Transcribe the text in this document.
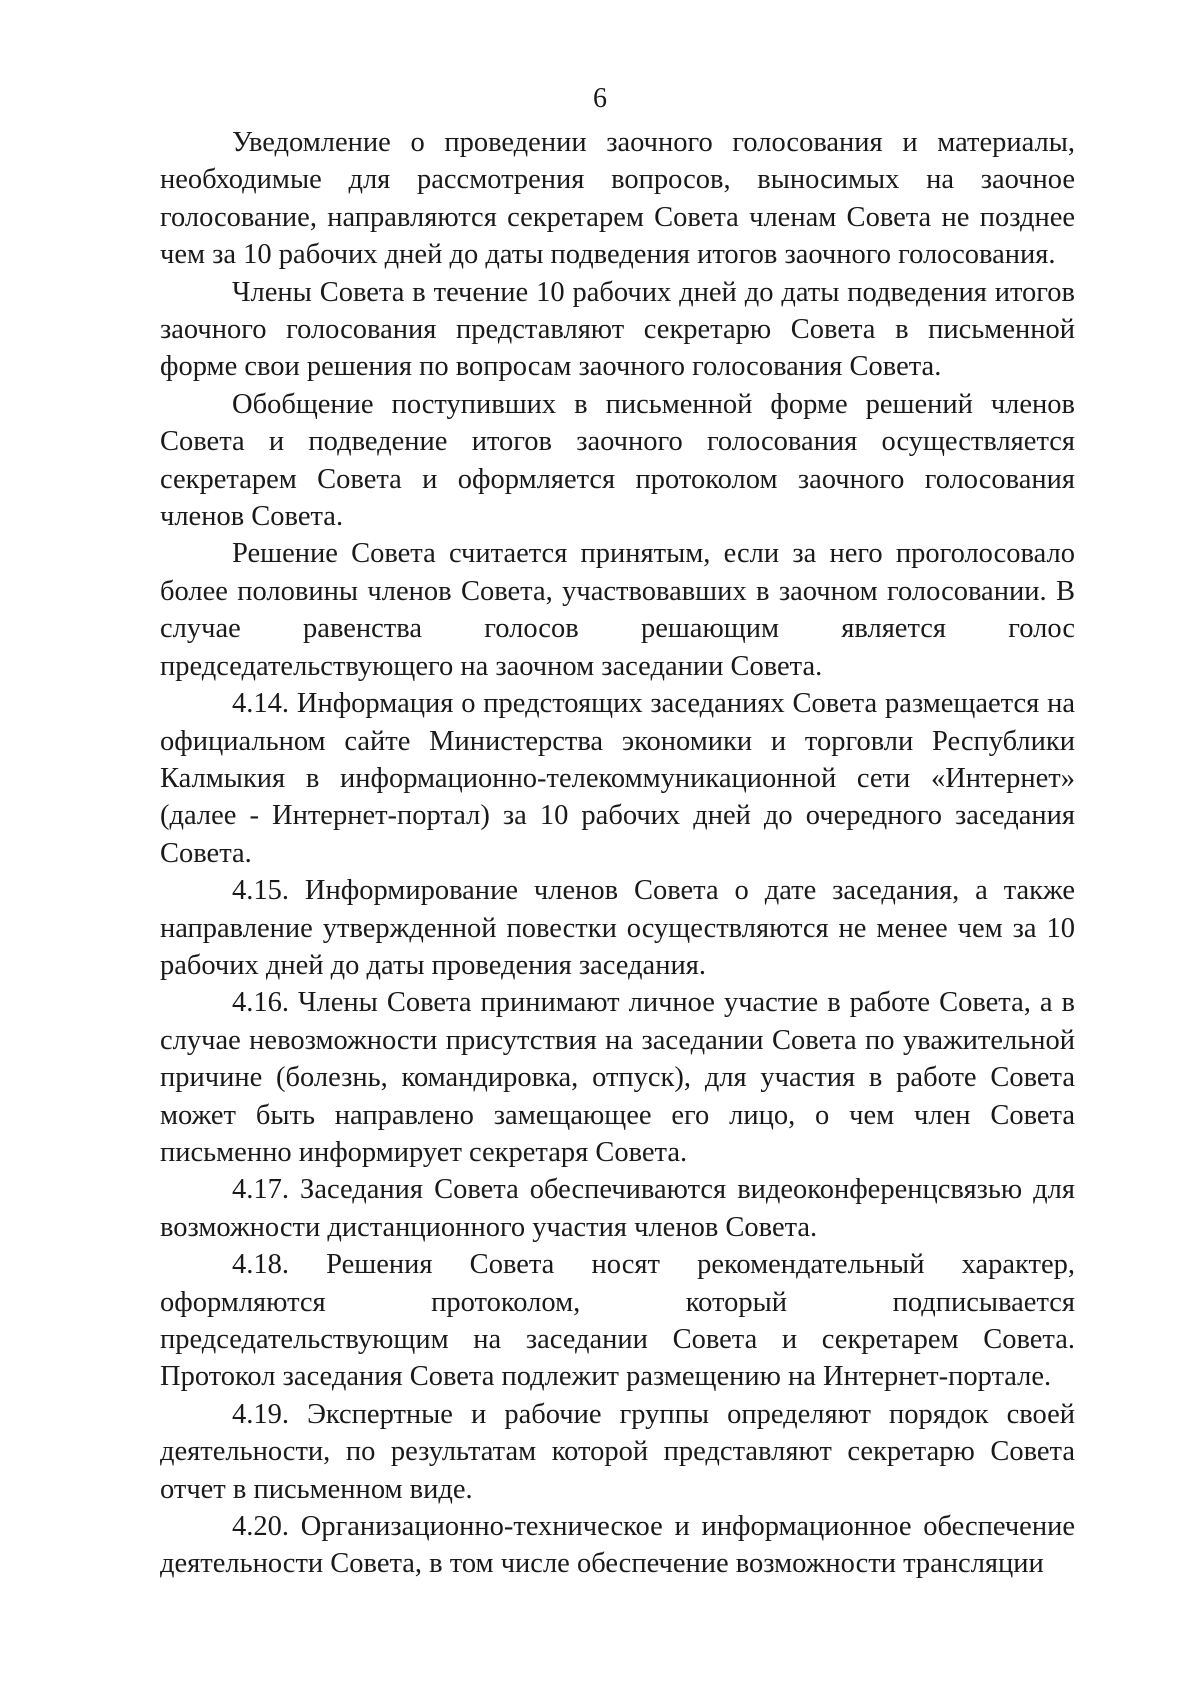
6

Уведомление о проведении заочного голосования и материалы, необходимые для рассмотрения вопросов, выносимых на заочное голосование, направляются секретарем Совета членам Совета не позднее чем за 10 рабочих дней до даты подведения итогов заочного голосования.

Члены Совета в течение 10 рабочих дней до даты подведения итогов заочного голосования представляют секретарю Совета в письменной форме свои решения по вопросам заочного голосования Совета.

Обобщение поступивших в письменной форме решений членов Совета и подведение итогов заочного голосования осуществляется секретарем Совета и оформляется протоколом заочного голосования членов Совета.

Решение Совета считается принятым, если за него проголосовало более половины членов Совета, участвовавших в заочном голосовании. В случае равенства голосов решающим является голос председательствующего на заочном заседании Совета.

4.14. Информация о предстоящих заседаниях Совета размещается на официальном сайте Министерства экономики и торговли Республики Калмыкия в информационно-телекоммуникационной сети «Интернет» (далее - Интернет-портал) за 10 рабочих дней до очередного заседания Совета.

4.15. Информирование членов Совета о дате заседания, а также направление утвержденной повестки осуществляются не менее чем за 10 рабочих дней до даты проведения заседания.

4.16. Члены Совета принимают личное участие в работе Совета, а в случае невозможности присутствия на заседании Совета по уважительной причине (болезнь, командировка, отпуск), для участия в работе Совета может быть направлено замещающее его лицо, о чем член Совета письменно информирует секретаря Совета.

4.17. Заседания Совета обеспечиваются видеоконференцсвязью для возможности дистанционного участия членов Совета.

4.18. Решения Совета носят рекомендательный характер, оформляются протоколом, который подписывается председательствующим на заседании Совета и секретарем Совета. Протокол заседания Совета подлежит размещению на Интернет-портале.

4.19. Экспертные и рабочие группы определяют порядок своей деятельности, по результатам которой представляют секретарю Совета отчет в письменном виде.

4.20. Организационно-техническое и информационное обеспечение деятельности Совета, в том числе обеспечение возможности трансляции
